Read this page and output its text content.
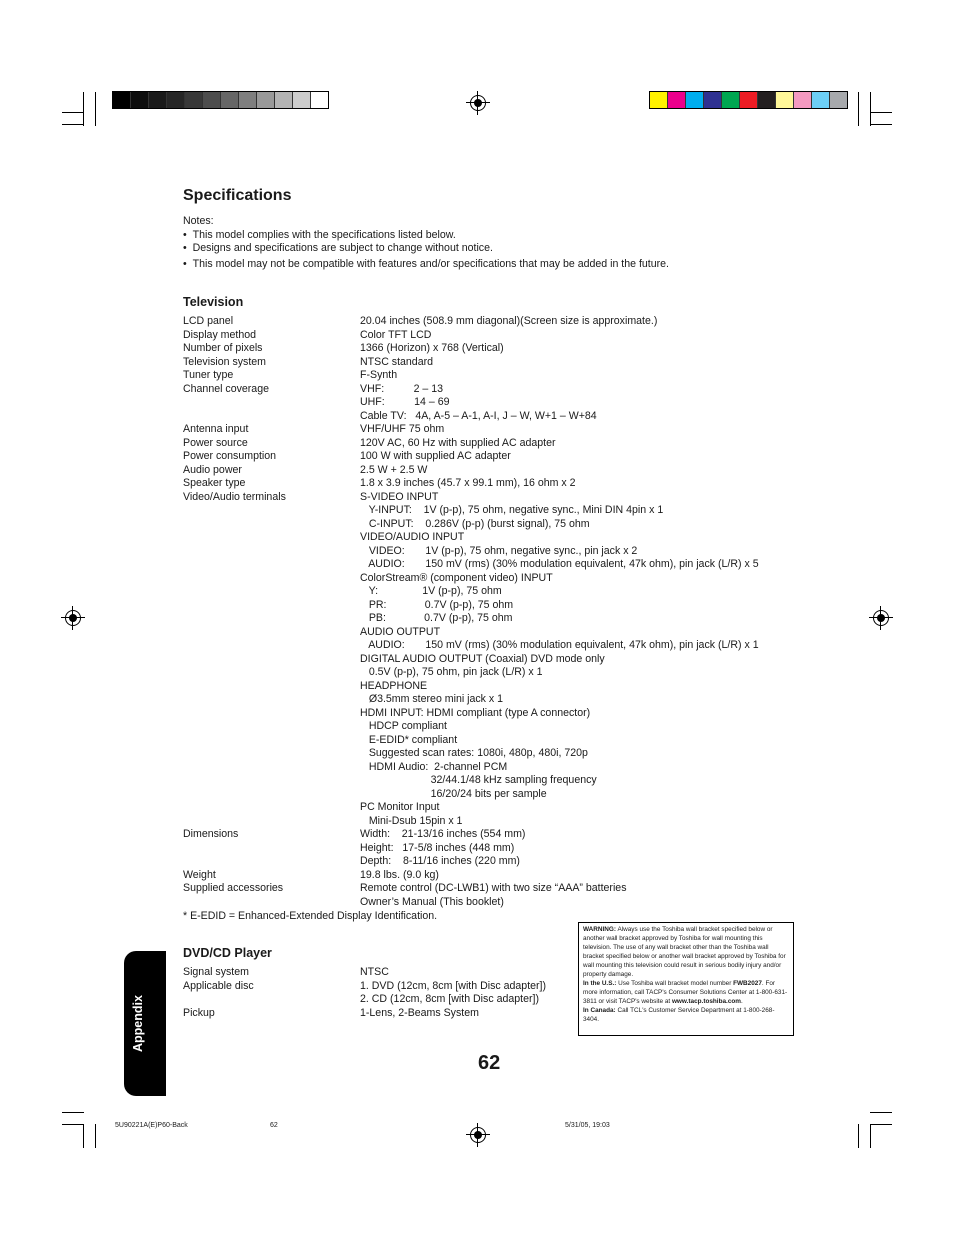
Specifications
Notes:
•  This model complies with the specifications listed below.
•  Designs and specifications are subject to change without notice.
•  This model may not be compatible with features and/or specifications that may be added in the future.
Television
LCD panel	20.04 inches (508.9 mm diagonal)(Screen size is approximate.)
Display method	Color TFT LCD
Number of pixels	1366 (Horizon) x 768 (Vertical)
Television system	NTSC standard
Tuner type	F-Synth
Channel coverage	VHF:          2 – 13
UHF:          14 – 69
Cable TV:   4A, A-5 – A-1, A-I, J – W, W+1 – W+84
Antenna input	VHF/UHF 75 ohm
Power source	120V AC, 60 Hz with supplied AC adapter
Power consumption	100 W with supplied AC adapter
Audio power	2.5 W + 2.5 W
Speaker type	1.8 x 3.9 inches (45.7 x 99.1 mm), 16 ohm x 2
Video/Audio terminals	S-VIDEO INPUT
Y-INPUT:    1V (p-p), 75 ohm, negative sync., Mini DIN 4pin x 1
C-INPUT:    0.286V (p-p) (burst signal), 75 ohm
VIDEO/AUDIO INPUT
VIDEO:       1V (p-p), 75 ohm, negative sync., pin jack x 2
AUDIO:       150 mV (rms) (30% modulation equivalent, 47k ohm), pin jack (L/R) x 5
ColorStream® (component video) INPUT
Y:               1V (p-p), 75 ohm
PR:             0.7V (p-p), 75 ohm
PB:             0.7V (p-p), 75 ohm
AUDIO OUTPUT
AUDIO:       150 mV (rms) (30% modulation equivalent, 47k ohm), pin jack (L/R) x 1
DIGITAL AUDIO OUTPUT (Coaxial) DVD mode only
0.5V (p-p), 75 ohm, pin jack (L/R) x 1
HEADPHONE
Ø3.5mm stereo mini jack x 1
HDMI INPUT: HDMI compliant (type A connector)
HDCP compliant
E-EDID* compliant
Suggested scan rates: 1080i, 480p, 480i, 720p
HDMI Audio:  2-channel PCM
32/44.1/48 kHz sampling frequency
16/20/24 bits per sample
PC Monitor Input
Mini-Dsub 15pin x 1
Dimensions	Width:    21-13/16 inches (554 mm)
Height:   17-5/8 inches (448 mm)
Depth:    8-11/16 inches (220 mm)
Weight	19.8 lbs. (9.0 kg)
Supplied accessories	Remote control (DC-LWB1) with two size “AAA” batteries
Owner’s Manual (This booklet)
* E-EDID = Enhanced-Extended Display Identification.
DVD/CD Player
Signal system	NTSC
Applicable disc	1. DVD (12cm, 8cm [with Disc adapter])
2. CD (12cm, 8cm [with Disc adapter])
Pickup	1-Lens, 2-Beams System
WARNING: Always use the Toshiba wall bracket specified below or another wall bracket approved by Toshiba for wall mounting this television. The use of any wall bracket other than the Toshiba wall bracket specified below or another wall bracket approved by Toshiba for wall mounting this television could result in serious bodily injury and/or property damage.
In the U.S.: Use Toshiba wall bracket model number FWB2027. For more information, call TACP's Consumer Solutions Center at 1-800-631-3811 or visit TACP's website at www.tacp.toshiba.com.
In Canada: Call TCL's Customer Service Department at 1-800-268-3404.
Appendix
62
5U90221A(E)P60-Back	62	5/31/05, 19:03
